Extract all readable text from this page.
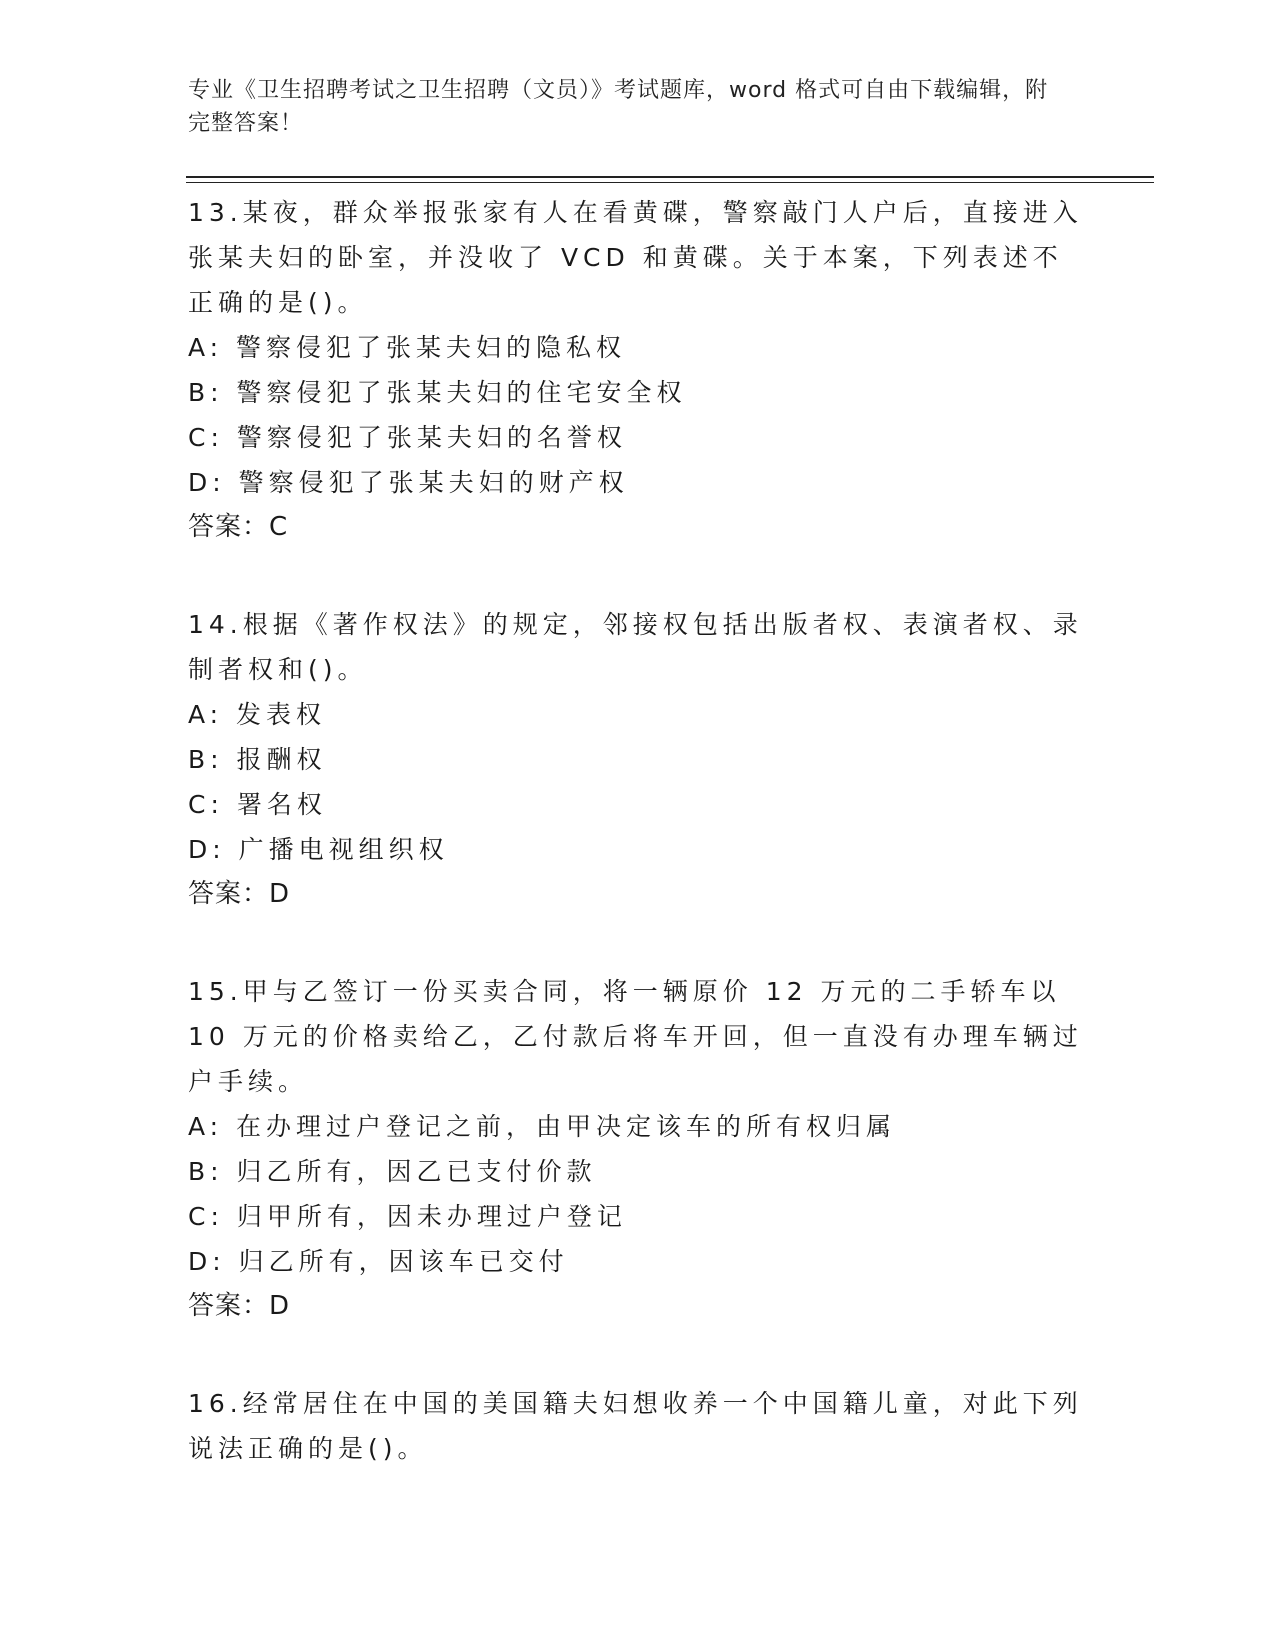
专业《卫生招聘考试之卫生招聘（文员）》考试题库，word 格式可自由下载编辑，附完整答案！

13.某夜，群众举报张家有人在看黄碟，警察敲门人户后，直接进入张某夫妇的卧室，并没收了 VCD 和黄碟。关于本案，下列表述不正确的是()。

A: 警察侵犯了张某夫妇的隐私权

B: 警察侵犯了张某夫妇的住宅安全权

C: 警察侵犯了张某夫妇的名誉权

D: 警察侵犯了张某夫妇的财产权

答案：C

14.根据《著作权法》的规定，邻接权包括出版者权、表演者权、录制者权和()。

A: 发表权

B: 报酬权

C: 署名权

D: 广播电视组织权

答案：D

15.甲与乙签订一份买卖合同，将一辆原价 12 万元的二手轿车以 10 万元的价格卖给乙，乙付款后将车开回，但一直没有办理车辆过户手续。

A: 在办理过户登记之前，由甲决定该车的所有权归属

B: 归乙所有，因乙已支付价款

C: 归甲所有，因未办理过户登记

D: 归乙所有，因该车已交付

答案：D

16.经常居住在中国的美国籍夫妇想收养一个中国籍儿童，对此下列说法正确的是()。
